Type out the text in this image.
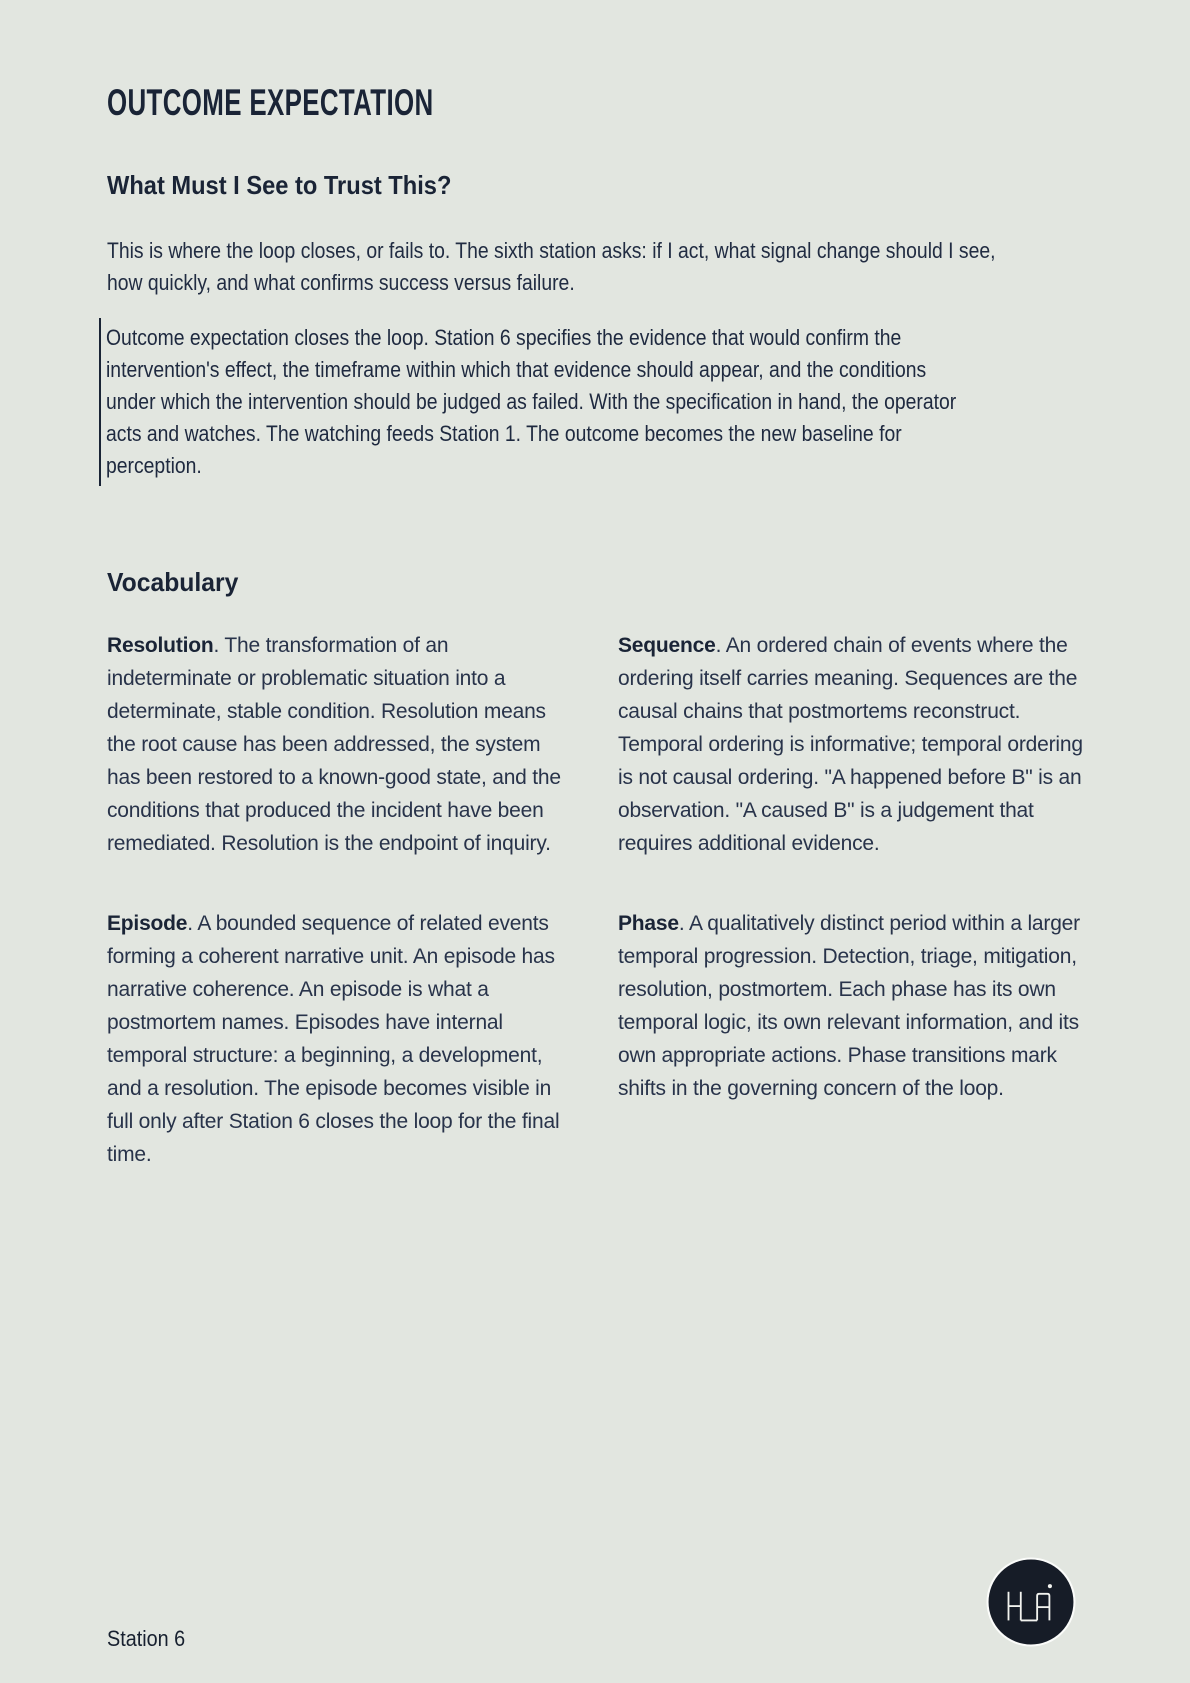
OUTCOME EXPECTATION
What Must I See to Trust This?
This is where the loop closes, or fails to. The sixth station asks: if I act, what signal change should I see, how quickly, and what confirms success versus failure.
Outcome expectation closes the loop. Station 6 specifies the evidence that would confirm the intervention's effect, the timeframe within which that evidence should appear, and the conditions under which the intervention should be judged as failed. With the specification in hand, the operator acts and watches. The watching feeds Station 1. The outcome becomes the new baseline for perception.
Vocabulary
Resolution. The transformation of an indeterminate or problematic situation into a determinate, stable condition. Resolution means the root cause has been addressed, the system has been restored to a known-good state, and the conditions that produced the incident have been remediated. Resolution is the endpoint of inquiry.
Sequence. An ordered chain of events where the ordering itself carries meaning. Sequences are the causal chains that postmortems reconstruct. Temporal ordering is informative; temporal ordering is not causal ordering. "A happened before B" is an observation. "A caused B" is a judgement that requires additional evidence.
Episode. A bounded sequence of related events forming a coherent narrative unit. An episode has narrative coherence. An episode is what a postmortem names. Episodes have internal temporal structure: a beginning, a development, and a resolution. The episode becomes visible in full only after Station 6 closes the loop for the final time.
Phase. A qualitatively distinct period within a larger temporal progression. Detection, triage, mitigation, resolution, postmortem. Each phase has its own temporal logic, its own relevant information, and its own appropriate actions. Phase transitions mark shifts in the governing concern of the loop.
Station 6
